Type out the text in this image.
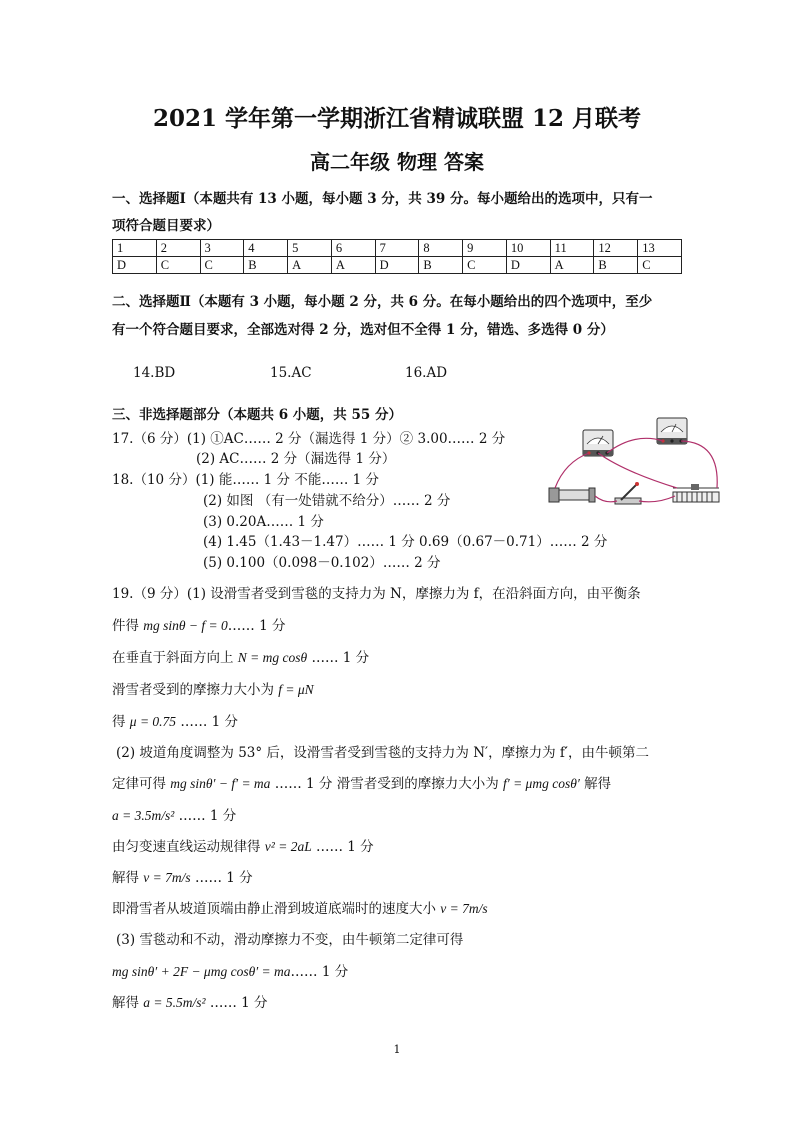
2021 学年第一学期浙江省精诚联盟 12 月联考
高二年级 物理 答案
一、选择题Ⅰ（本题共有 13 小题，每小题 3 分，共 39 分。每小题给出的选项中，只有一
项符合题目要求）
1	2	3	4	5	6	7	8	9	10	11	12	13
D	C	C	B	A	A	D	B	C	D	A	B	C
二、选择题Ⅱ（本题有 3 小题，每小题 2 分，共 6 分。在每小题给出的四个选项中，至少
有一个符合题目要求，全部选对得 2 分，选对但不全得 1 分，错选、多选得 0 分）
14.BD	15.AC	16.AD
三、非选择题部分（本题共 6 小题，共 55 分）
17.（6 分）(1) ①AC…… 2 分（漏选得 1 分）② 3.00…… 2 分
(2) AC…… 2 分（漏选得 1 分）
18.（10 分）(1) 能…… 1 分 不能…… 1 分
(2) 如图 （有一处错就不给分）…… 2 分
(3) 0.20A…… 1 分
(4) 1.45（1.43－1.47）…… 1 分 0.69（0.67－0.71）…… 2 分
(5) 0.100（0.098－0.102）…… 2 分
19.（9 分）(1) 设滑雪者受到雪毯的支持力为 N，摩擦力为 f，在沿斜面方向，由平衡条
件得 mg sinθ − f = 0…… 1 分
在垂直于斜面方向上 N = mg cosθ …… 1 分
滑雪者受到的摩擦力大小为 f = μN
得 μ = 0.75 …… 1 分
(2) 坡道角度调整为 53° 后，设滑雪者受到雪毯的支持力为 N′，摩擦力为 f′，由牛顿第二
定律可得 mg sinθ′ − f′ = ma …… 1 分 滑雪者受到的摩擦力大小为 f′ = μmg cosθ′ 解得
a = 3.5m/s² …… 1 分
由匀变速直线运动规律得 v² = 2aL …… 1 分
解得 v = 7m/s …… 1 分
即滑雪者从坡道顶端由静止滑到坡道底端时的速度大小 v = 7m/s
(3) 雪毯动和不动，滑动摩擦力不变，由牛顿第二定律可得
mg sinθ′ + 2F − μmg cosθ′ = ma…… 1 分
解得 a = 5.5m/s² …… 1 分
1
